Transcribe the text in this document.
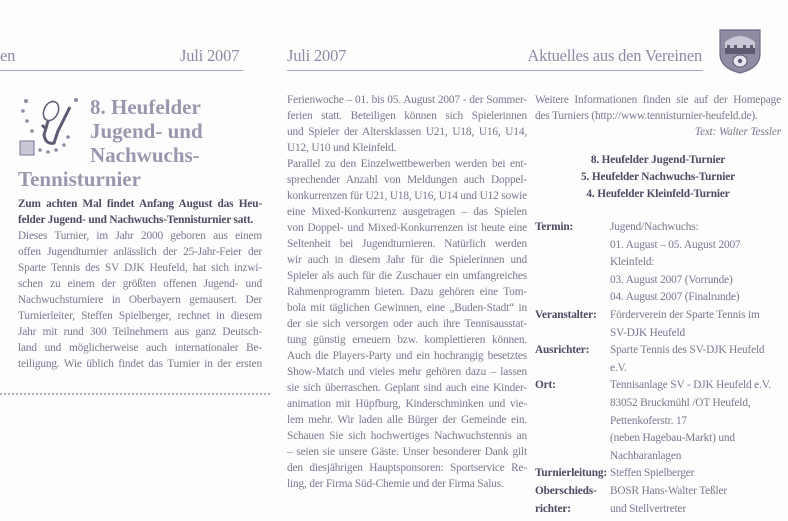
en	Juli 2007	Juli 2007	Aktuelles aus den Vereinen
8. Heufelder
Jugend- und
Nachwuchs-
Tennisturnier
Zum achten Mal findet Anfang August das Heu-
felder Jugend- und Nachwuchs-Tennisturnier satt.
Dieses Turnier, im Jahr 2000 geboren aus einem
offen Jugendturnier anlässlich der 25-Jahr-Feier der
Sparte Tennis des SV DJK Heufeld, hat sich inzwi-
schen zu einem der größten offenen Jugend- und
Nachwuchsturniere in Oberbayern gemausert. Der
Turnierleiter, Steffen Spielberger, rechnet in diesem
Jahr mit rund 300 Teilnehmern aus ganz Deutsch-
land und möglicherweise auch internationaler Be-
teiligung. Wie üblich findet das Turnier in der ersten
Ferienwoche – 01. bis 05. August 2007 - der Sommer-
ferien statt. Beteiligen können sich Spielerinnen
und Spieler der Altersklassen U21, U18, U16, U14,
U12, U10 und Kleinfeld.
Parallel zu den Einzelwettbewerben werden bei ent-
sprechender Anzahl von Meldungen auch Doppel-
konkurrenzen für U21, U18, U16, U14 und U12 sowie
eine Mixed-Konkurrenz ausgetragen – das Spielen
von Doppel- und Mixed-Konkurrenzen ist heute eine
Seltenheit bei Jugendturnieren. Natürlich werden
wir auch in diesem Jahr für die Spielerinnen und
Spieler als auch für die Zuschauer ein umfangreiches
Rahmenprogramm bieten. Dazu gehören eine Tom-
bola mit täglichen Gewinnen, eine „Buden-Stadt“ in
der sie sich versorgen oder auch ihre Tennisausstat-
tung günstig erneuern bzw. komplettieren können.
Auch die Players-Party und ein hochrangig besetztes
Show-Match und vieles mehr gehören dazu – lassen
sie sich überraschen. Geplant sind auch eine Kinder-
animation mit Hüpfburg, Kinderschminken und vie-
lem mehr. Wir laden alle Bürger der Gemeinde ein.
Schauen Sie sich hochwertiges Nachwuchstennis an
– seien sie unsere Gäste. Unser besonderer Dank gilt
den diesjährigen Hauptsponsoren: Sportservice Re-
ling, der Firma Süd-Chemie und der Firma Salus.
Weitere Informationen finden sie auf der Homepage
des Turniers (http://www.tennisturnier-heufeld.de).
Text: Walter Tessler
8. Heufelder Jugend-Turnier
5. Heufelder Nachwuchs-Turnier
4. Heufelder Kleinfeld-Turnier
Termin:	Jugend/Nachwuchs:
01. August – 05. August 2007
Kleinfeld:
03. August 2007 (Vorrunde)
04. August 2007 (Finalrunde)
Veranstalter:	Förderverein der Sparte Tennis im
SV-DJK Heufeld
Ausrichter:	Sparte Tennis des SV-DJK Heufeld
e.V.
Ort:	Tennisanlage SV - DJK Heufeld e.V.
83052 Bruckmühl /OT Heufeld,
Pettenkoferstr. 17
(neben Hagebau-Markt) und
Nachbaranlagen
Turnierleitung: Steffen Spielberger
Oberschieds-
richter:
BOSR Hans-Walter Teßler
und Stellvertreter
